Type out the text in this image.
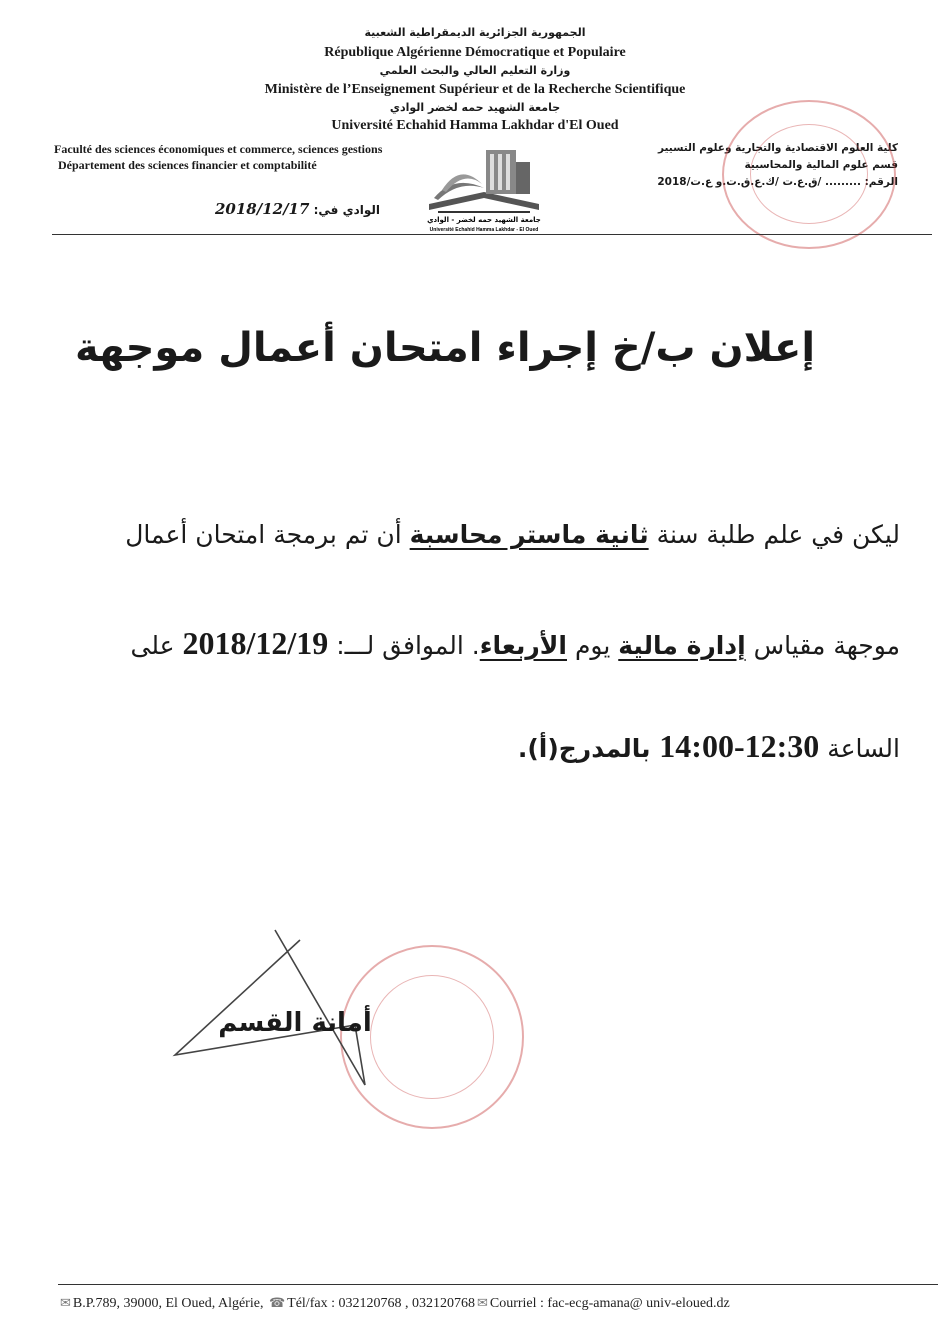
الجمهورية الجزائرية الديمقراطية الشعبية
République Algérienne Démocratique et Populaire
وزارة التعليم العالي والبحث العلمي
Ministère de l’Enseignement Supérieur et de la Recherche Scientifique
جامعة الشهيد حمه لخضر الوادي
Université Echahid Hamma Lakhdar d'El Oued
Faculté des sciences économiques et commerce, sciences gestions
Département des sciences financier et comptabilité
كلية العلوم الاقتصادية والتجارية وعلوم التسيير
قسم علوم المالية والمحاسبية
الرقم: ......... /ق.ع.ت /ك.ع.ق.ت.و ع.ت/2018
الوادي في: 2018/12/17
جامعة الشهيد حمه لخضر - الوادي
Université Echahid Hamma Lakhdar - El Oued
إعلان ب/خ إجراء امتحان أعمال موجهة
ليكن في علم طلبة سنة ثانية ماستر محاسبة أن تم برمجة امتحان أعمال
موجهة مقياس إدارة مالية يوم الأربعاء. الموافق لـــ: 2018/12/19 على
الساعة 12:30-14:00 بالمدرج(أ).
أمانة القسم
✉ B.P.789, 39000, El Oued, Algérie, ☎ Tél/fax : 032120768 , 032120768 ✉ Courriel : fac-ecg-amana@ univ-eloued.dz
